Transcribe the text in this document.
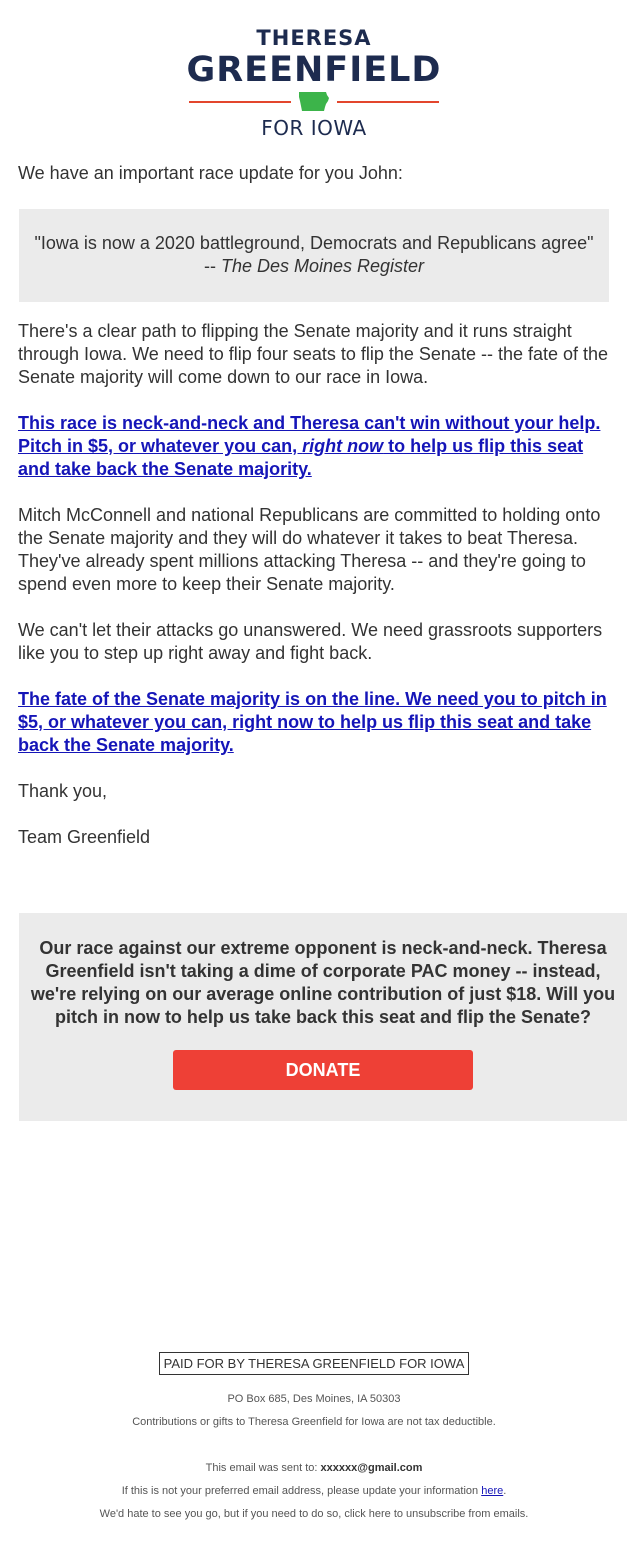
THERESA
GREENFIELD
FOR IOWA

We have an important race update for you John:

"Iowa is now a 2020 battleground, Democrats and Republicans agree"

-- The Des Moines Register

There's a clear path to flipping the Senate majority and it runs straight through Iowa. We need to flip four seats to flip the Senate -- the fate of the Senate majority will come down to our race in Iowa.

This race is neck-and-neck and Theresa can't win without your help. Pitch in $5, or whatever you can, right now to help us flip this seat and take back the Senate majority.

Mitch McConnell and national Republicans are committed to holding onto the Senate majority and they will do whatever it takes to beat Theresa. They've already spent millions attacking Theresa -- and they're going to spend even more to keep their Senate majority.

We can't let their attacks go unanswered. We need grassroots supporters like you to step up right away and fight back.

The fate of the Senate majority is on the line. We need you to pitch in $5, or whatever you can, right now to help us flip this seat and take back the Senate majority.

Thank you,

Team Greenfield

Our race against our extreme opponent is neck-and-neck. Theresa Greenfield isn't taking a dime of corporate PAC money -- instead, we're relying on our average online contribution of just $18. Will you pitch in now to help us take back this seat and flip the Senate?

DONATE
PAID FOR BY THERESA GREENFIELD FOR IOWA
PO Box 685, Des Moines, IA 50303
Contributions or gifts to Theresa Greenfield for Iowa are not tax deductible.
This email was sent to: xxxxxx@gmail.com
If this is not your preferred email address, please update your information here.
We'd hate to see you go, but if you need to do so, click here to unsubscribe from emails.
